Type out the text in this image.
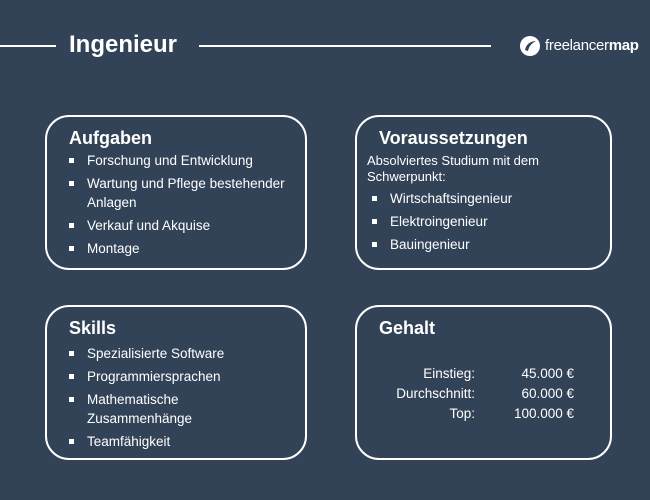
Ingenieur	freelancermap
Aufgaben
Forschung und Entwicklung
Wartung und Pflege bestehender Anlagen
Verkauf und Akquise
Montage
Voraussetzungen
Absolviertes Studium mit dem Schwerpunkt:
Wirtschaftsingenieur
Elektroingenieur
Bauingenieur
Skills
Spezialisierte Software
Programmiersprachen
Mathematische Zusammenhänge
Teamfähigkeit
Gehalt
Einstieg:	45.000 €
Durchschnitt:	60.000 €
Top:	100.000 €
